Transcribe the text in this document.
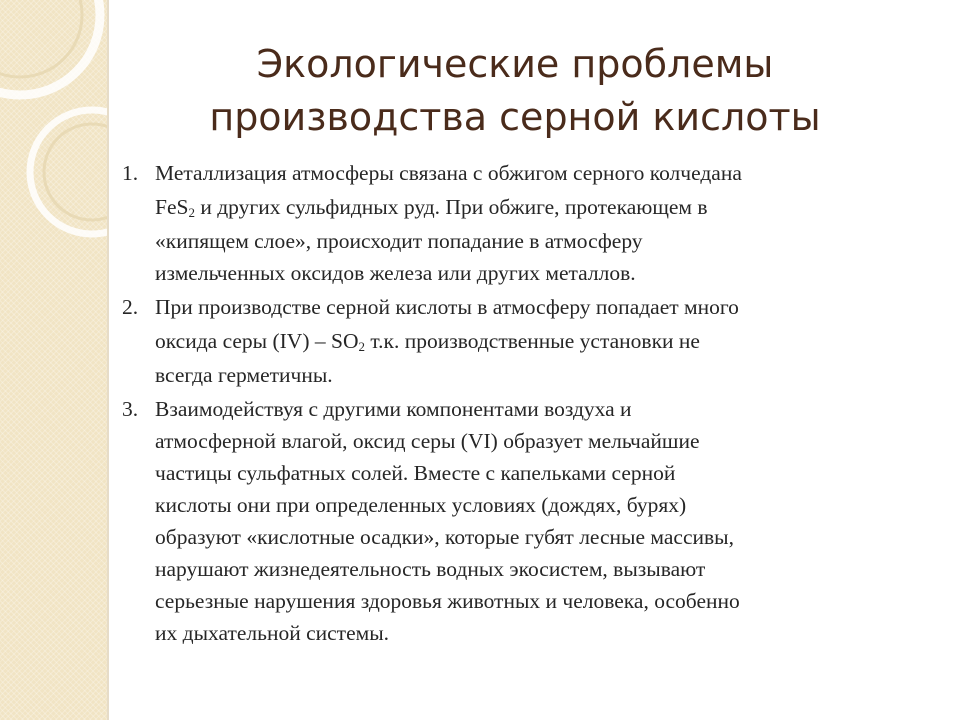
Экологические проблемы
производства серной кислоты
1. Металлизация атмосферы связана с обжигом серного колчедана
FeS$_2$ и других сульфидных руд. При обжиге, протекающем в
«кипящем слое», происходит попадание в атмосферу
измельченных оксидов железа или других металлов.
2. При производстве серной кислоты в атмосферу попадает много
оксида серы $(IV) - SO_2$ т.к. производственные установки не
всегда герметичны.
3. Взаимодействуя с другими компонентами воздуха и
атмосферной влагой, оксид серы (VI) образует мельчайшие
частицы сульфатных солей. Вместе с капельками серной
кислоты они при определенных условиях (дождях, бурях)
образуют «кислотные осадки», которые губят лесные массивы,
нарушают жизнедеятельность водных экосистем, вызывают
серьезные нарушения здоровья животных и человека, особенно
их дыхательной системы.
